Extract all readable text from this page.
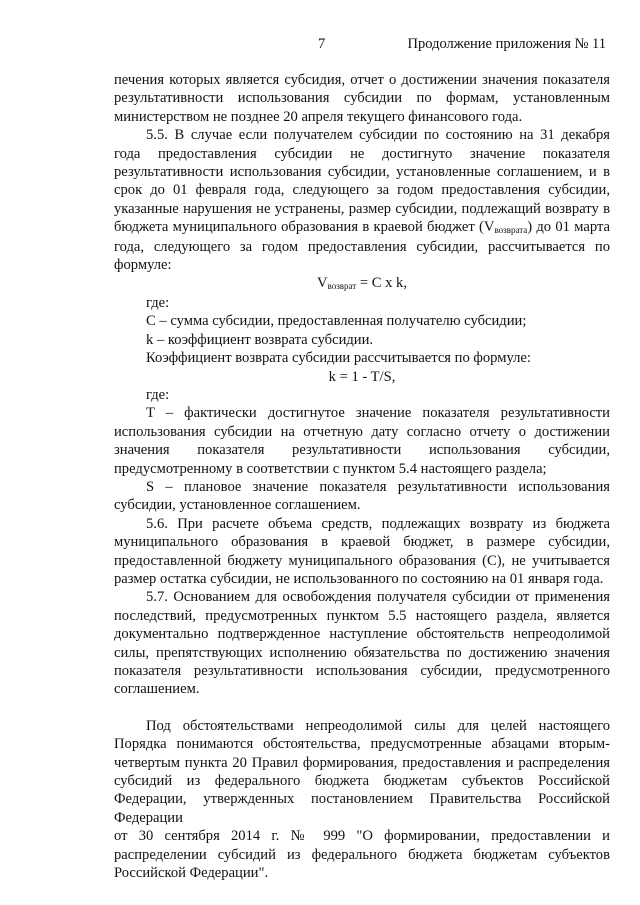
7	Продолжение приложения № 11

печения которых является субсидия, отчет о достижении значения показателя результативности использования субсидии по формам, установленным министерством не позднее 20 апреля текущего финансового года.

5.5. В случае если получателем субсидии по состоянию на 31 декабря года предоставления субсидии не достигнуто значение показателя результативности использования субсидии, установленные соглашением, и в срок до 01 февраля года, следующего за годом предоставления субсидии, указанные нарушения не устранены, размер субсидии, подлежащий возврату в бюджета муниципального образования в краевой бюджет $(V_{возврата})$ до 01 марта года, следующего за годом предоставления субсидии, рассчитывается по формуле:

$V_{возврат} = C$ x k,

где:

C – сумма субсидии, предоставленная получателю субсидии;

k – коэффициент возврата субсидии.

Коэффициент возврата субсидии рассчитывается по формуле:

k = 1 - T/S,

где:

T – фактически достигнутое значение показателя результативности использования субсидии на отчетную дату согласно отчету о достижении значения показателя результативности использования субсидии, предусмотренному в соответствии с пунктом 5.4 настоящего раздела;

S – плановое значение показателя результативности использования субсидии, установленное соглашением.

5.6. При расчете объема средств, подлежащих возврату из бюджета муниципального образования в краевой бюджет, в размере субсидии, предоставленной бюджету муниципального образования (C), не учитывается размер остатка субсидии, не использованного по состоянию на 01 января года.

5.7. Основанием для освобождения получателя субсидии от применения последствий, предусмотренных пунктом 5.5 настоящего раздела, является документально подтвержденное наступление обстоятельств непреодолимой силы, препятствующих исполнению обязательства по достижению значения показателя результативности использования субсидии, предусмотренного соглашением.

Под обстоятельствами непреодолимой силы для целей настоящего Порядка понимаются обстоятельства, предусмотренные абзацами вторым-четвертым пункта 20 Правил формирования, предоставления и распределения субсидий из федерального бюджета бюджетам субъектов Российской Федерации, утвержденных постановлением Правительства Российской Федерации

от 30 сентября 2014 г. № 999 "О формировании, предоставлении и распределении субсидий из федерального бюджета бюджетам субъектов Российской Федерации".
